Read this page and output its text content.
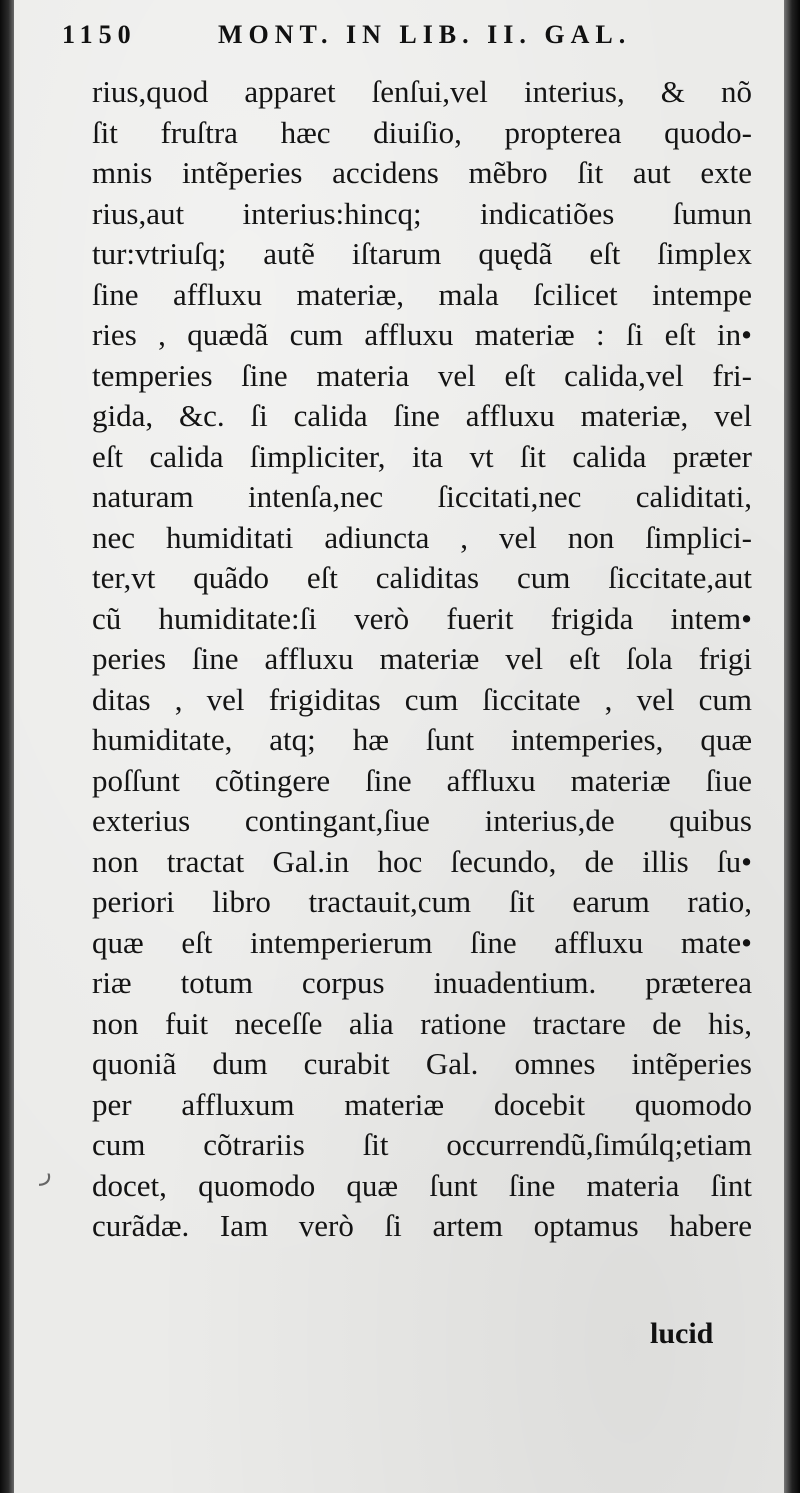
1150	MONT. IN LIB. II. GAL.
rius,quod apparet ſenſui,vel interius, & nõ
ſit fruſtra hæc diuiſio, propterea quodo-
mnis intẽperies accidens mẽbro ſit aut exte
rius,aut interius:hincq; indicatiões ſumun
tur:vtriuſq; autẽ iſtarum quędã eſt ſimplex
ſine affluxu materiæ, mala ſcilicet intempe
ries , quædã cum affluxu materiæ : ſi eſt in•
temperies ſine materia vel eſt calida,vel fri-
gida, &c. ſi calida ſine affluxu materiæ, vel
eſt calida ſimpliciter, ita vt ſit calida præter
naturam intenſa,nec ſiccitati,nec caliditati,
nec humiditati adiuncta , vel non ſimplici-
ter,vt quãdo eſt caliditas cum ſiccitate,aut
cũ humiditate:ſi verò fuerit frigida intem•
peries ſine affluxu materiæ vel eſt ſola frigi
ditas , vel frigiditas cum ſiccitate , vel cum
humiditate, atq; hæ ſunt intemperies, quæ
poſſunt cõtingere ſine affluxu materiæ ſiue
exterius contingant,ſiue interius,de quibus
non tractat Gal.in hoc ſecundo, de illis ſu•
periori libro tractauit,cum ſit earum ratio,
quæ eſt intemperierum ſine affluxu mate•
riæ totum corpus inuadentium. præterea
non fuit neceſſe alia ratione tractare de his,
quoniã dum curabit Gal. omnes intẽperies
per affluxum materiæ docebit quomodo
cum cõtrariis ſit occurrendũ,ſimúlq;etiam
docet, quomodo quæ ſunt ſine materia ſint
curãdæ. Iam verò ſi artem optamus habere
lucid
ر
